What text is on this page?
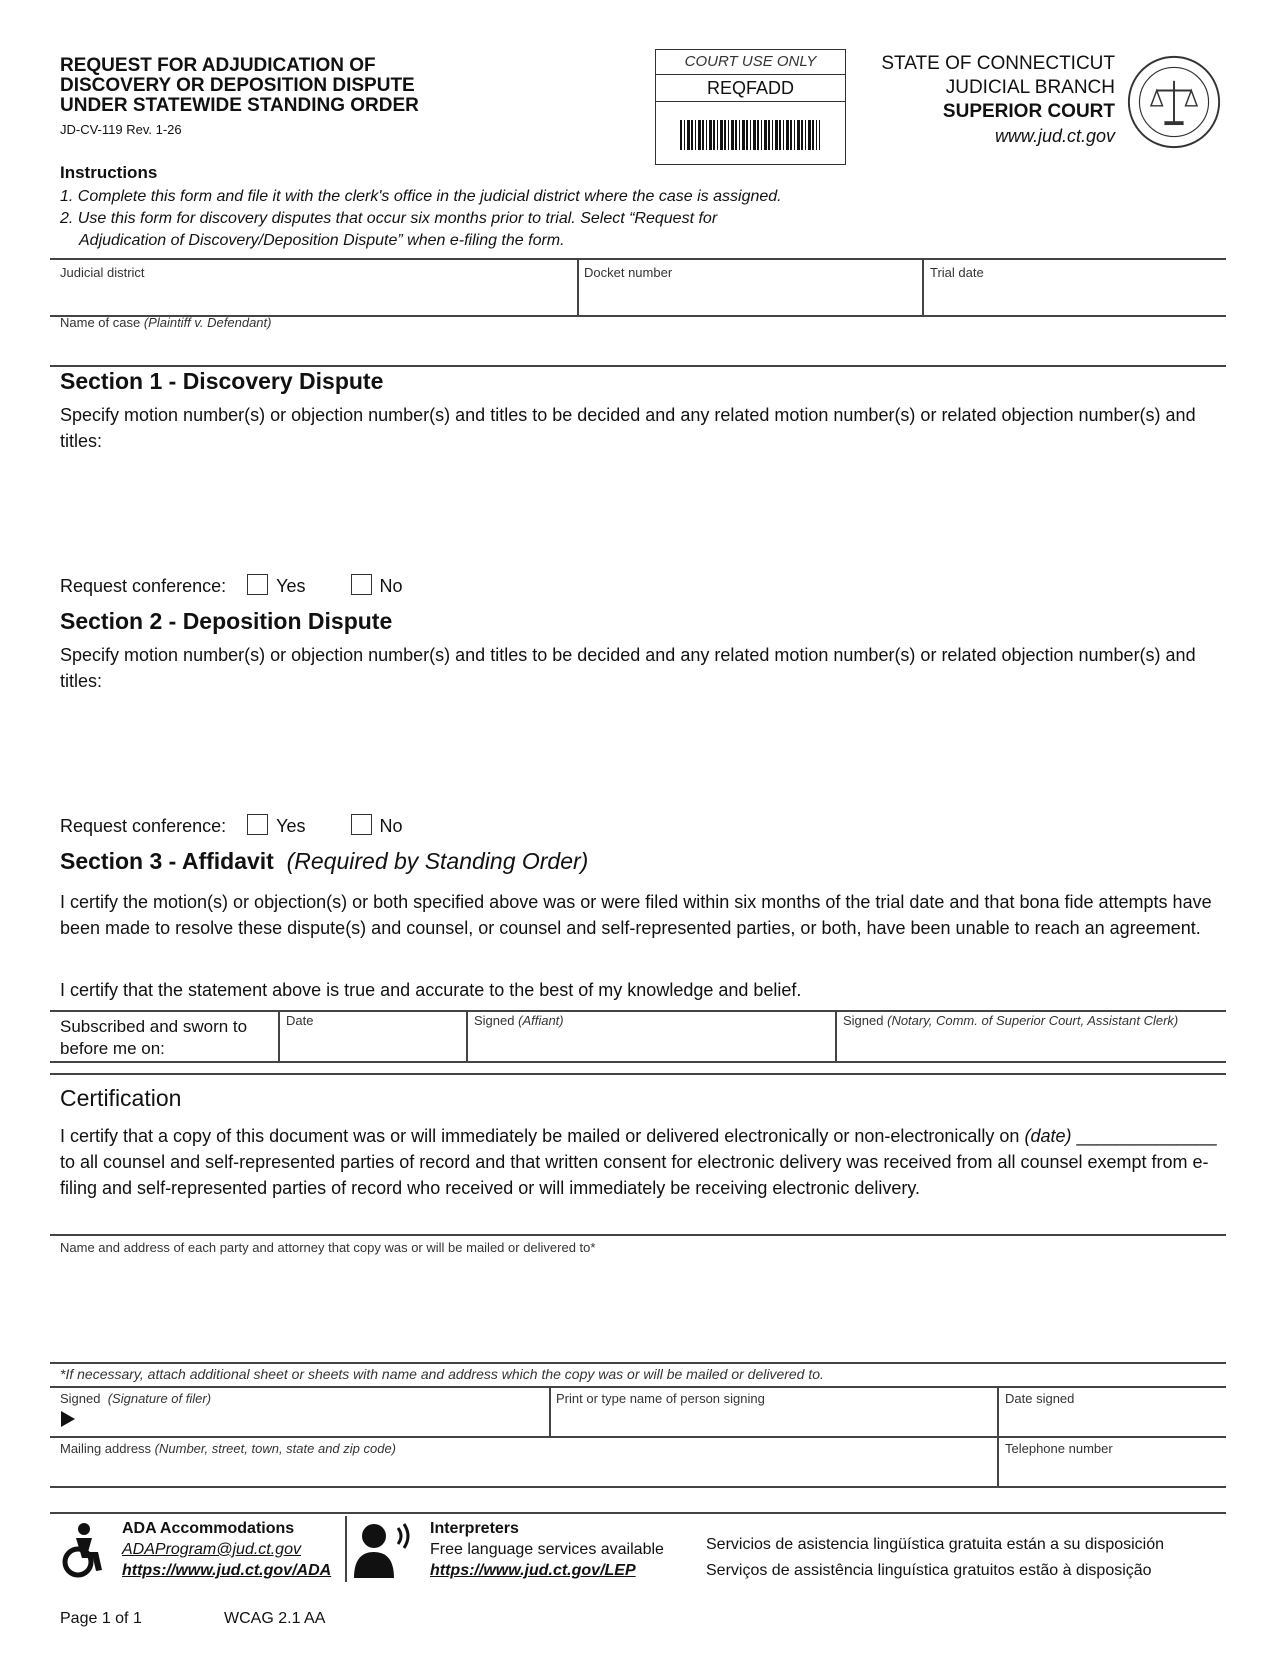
REQUEST FOR ADJUDICATION OF
DISCOVERY OR DEPOSITION DISPUTE
UNDER STATEWIDE STANDING ORDER
JD-CV-119 Rev. 1-26
COURT USE ONLY
REQFADD
STATE OF CONNECTICUT
JUDICIAL BRANCH
SUPERIOR COURT
www.jud.ct.gov
Instructions
1. Complete this form and file it with the clerk's office in the judicial district where the case is assigned.
2. Use this form for discovery disputes that occur six months prior to trial. Select “Request for
Adjudication of Discovery/Deposition Dispute” when e-filing the form.
Judicial district	Docket number	Trial date
Name of case (Plaintiff v. Defendant)
Section 1 - Discovery Dispute
Specify motion number(s) or objection number(s) and titles to be decided and any related motion number(s) or related objection number(s) and titles:
Request conference:	Yes	No
Section 2 - Deposition Dispute
Specify motion number(s) or objection number(s) and titles to be decided and any related motion number(s) or related objection number(s) and titles:
Request conference:	Yes	No
Section 3 - Affidavit (Required by Standing Order)
I certify the motion(s) or objection(s) or both specified above was or were filed within six months of the trial date and that bona fide attempts have been made to resolve these dispute(s) and counsel, or counsel and self-represented parties, or both, have been unable to reach an agreement.
I certify that the statement above is true and accurate to the best of my knowledge and belief.
Subscribed and sworn to
before me on:
Date	Signed (Affiant)	Signed (Notary, Comm. of Superior Court, Assistant Clerk)
Certification
I certify that a copy of this document was or will immediately be mailed or delivered electronically or non-electronically on (date) ______________ to all counsel and self-represented parties of record and that written consent for electronic delivery was received from all counsel exempt from e-filing and self-represented parties of record who received or will immediately be receiving electronic delivery.
Name and address of each party and attorney that copy was or will be mailed or delivered to*
*If necessary, attach additional sheet or sheets with name and address which the copy was or will be mailed or delivered to.
Signed (Signature of filer)	Print or type name of person signing	Date signed
Mailing address (Number, street, town, state and zip code)	Telephone number
ADA Accommodations
ADAProgram@jud.ct.gov
https://www.jud.ct.gov/ADA
Interpreters
Free language services available
https://www.jud.ct.gov/LEP
Servicios de asistencia lingüística gratuita están a su disposición
Serviços de assistência linguística gratuitos estão à disposição
Page 1 of 1	WCAG 2.1 AA
